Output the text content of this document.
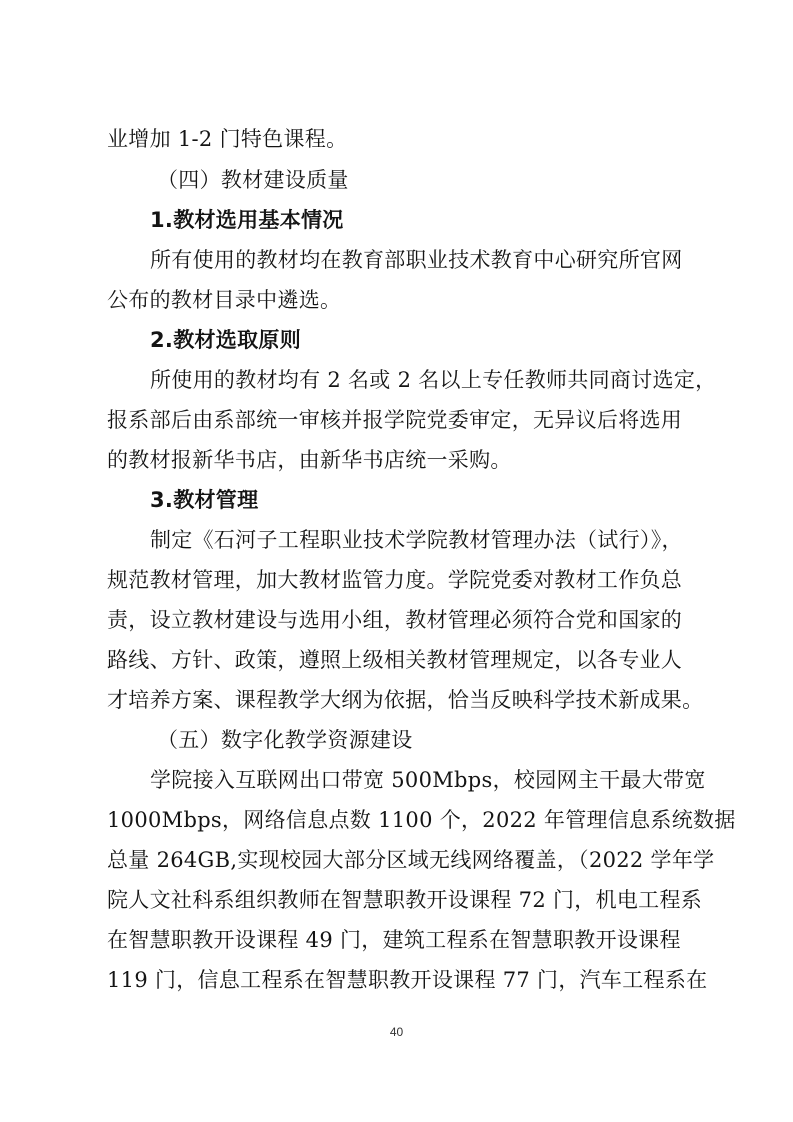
业增加 1-2 门特色课程。
（四）教材建设质量
1.教材选用基本情况
所有使用的教材均在教育部职业技术教育中心研究所官网
公布的教材目录中遴选。
2.教材选取原则
所使用的教材均有 2 名或 2 名以上专任教师共同商讨选定，
报系部后由系部统一审核并报学院党委审定，无异议后将选用
的教材报新华书店，由新华书店统一采购。
3.教材管理
制定《石河子工程职业技术学院教材管理办法（试行）》，
规范教材管理，加大教材监管力度。学院党委对教材工作负总
责，设立教材建设与选用小组，教材管理必须符合党和国家的
路线、方针、政策，遵照上级相关教材管理规定，以各专业人
才培养方案、课程教学大纲为依据，恰当反映科学技术新成果。
（五）数字化教学资源建设
学院接入互联网出口带宽 500Mbps，校园网主干最大带宽
1000Mbps，网络信息点数 1100 个，2022 年管理信息系统数据
总量 264GB,实现校园大部分区域无线网络覆盖，（2022 学年学
院人文社科系组织教师在智慧职教开设课程 72 门，机电工程系
在智慧职教开设课程 49 门，建筑工程系在智慧职教开设课程
119 门，信息工程系在智慧职教开设课程 77 门，汽车工程系在
40
